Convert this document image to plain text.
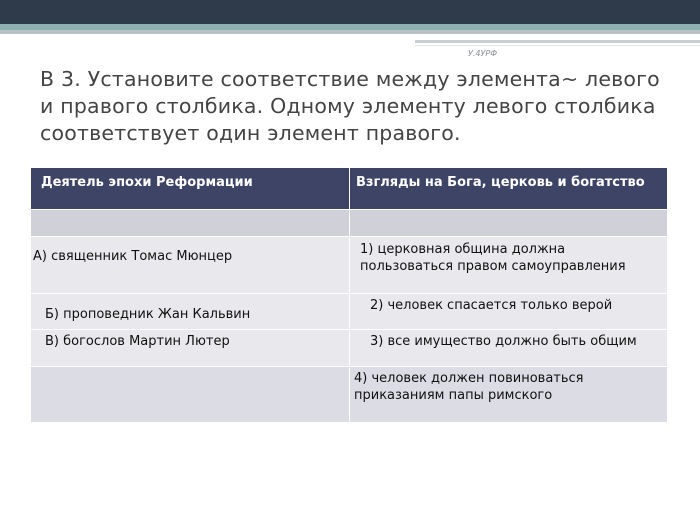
У.4УРФ
В 3. Установите соответствие между элемента~ левого и правого столбика. Одному элементу левого столбика соответствует один элемент правого.
Деятель эпохи Реформации	Взгляды на Бога, церковь и богатство

А) священник Томас Мюнцер	1) церковная община должна пользоваться правом самоуправления

Б) проповедник Жан Кальвин	2) человек спасается только верой

В) богослов Мартин Лютер	3) все имущество должно быть общим

	4) человек должен повиноваться приказаниям папы римского
